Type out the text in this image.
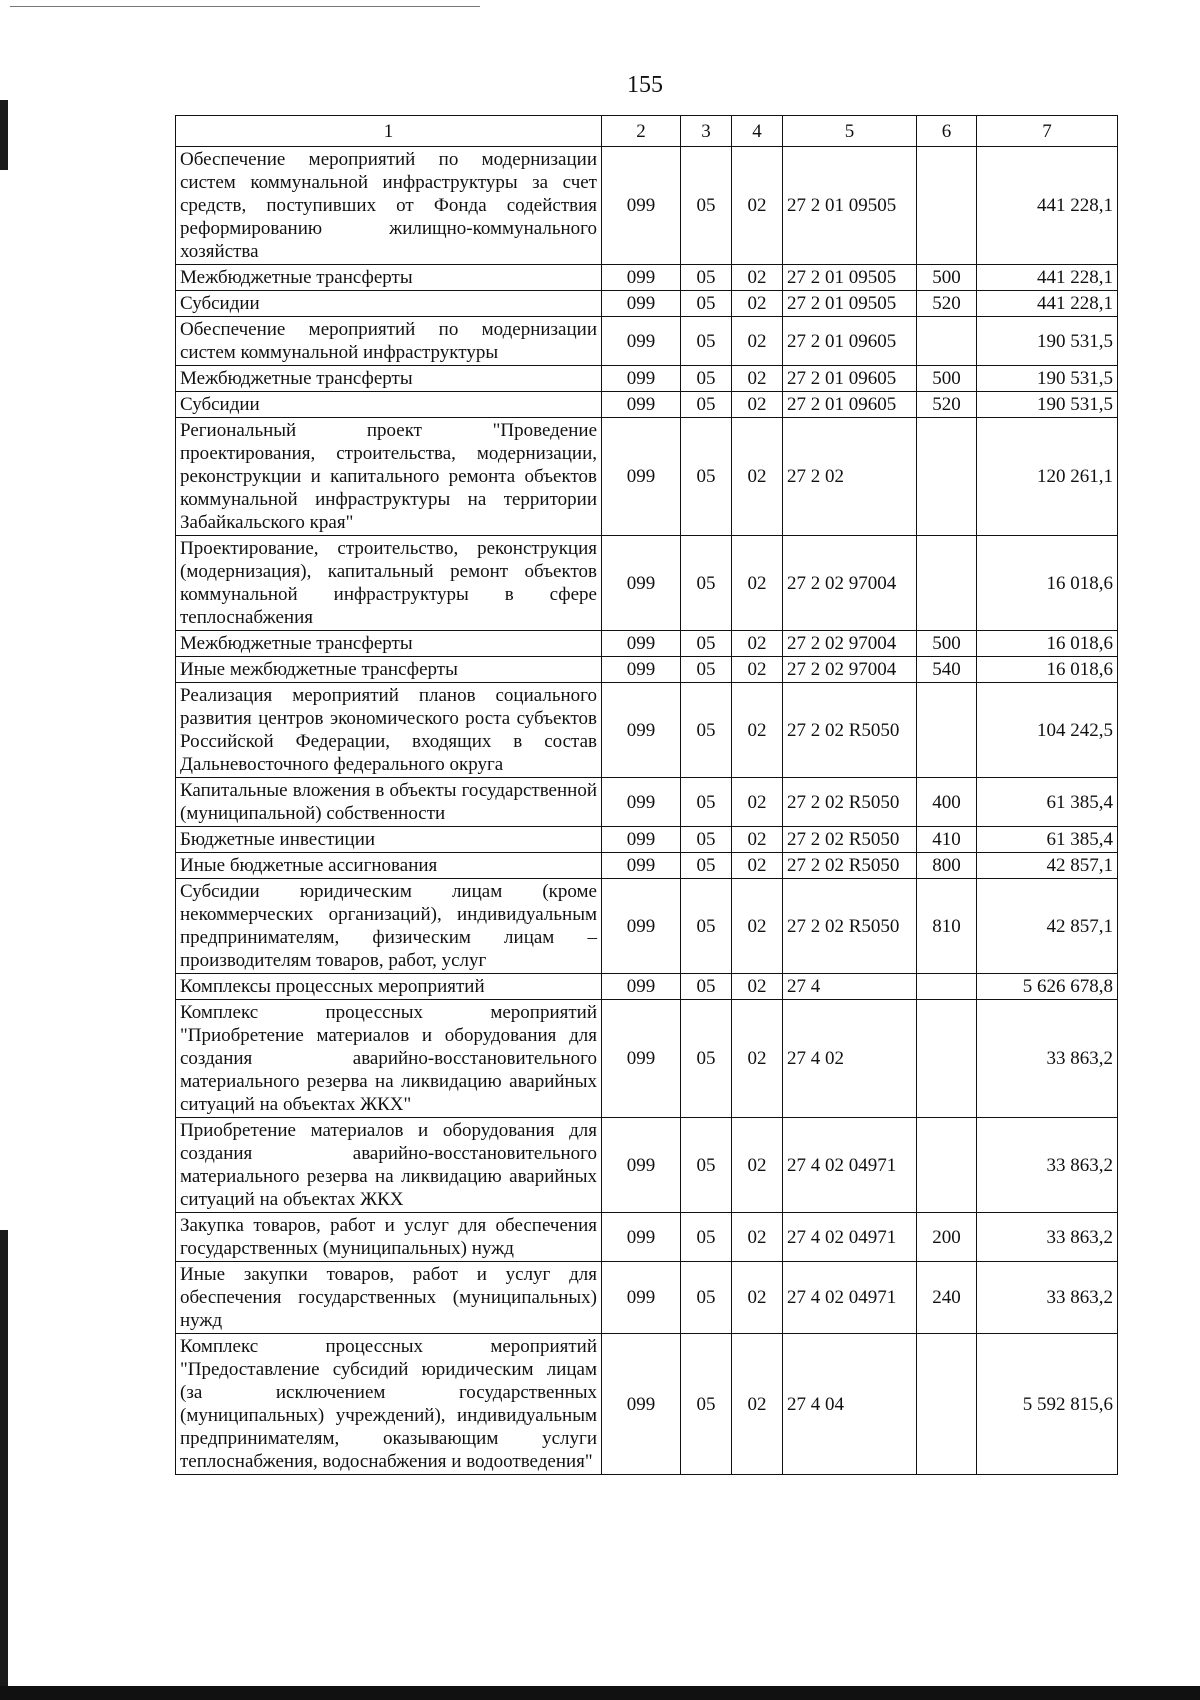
155
1	2	3	4	5	6	7
Обеспечение мероприятий по модернизации систем коммунальной инфраструктуры за счет средств, поступивших от Фонда содействия реформированию жилищно-коммунального хозяйства	099	05	02	27 2 01 09505		441 228,1
Межбюджетные трансферты	099	05	02	27 2 01 09505	500	441 228,1
Субсидии	099	05	02	27 2 01 09505	520	441 228,1
Обеспечение мероприятий по модернизации систем коммунальной инфраструктуры	099	05	02	27 2 01 09605		190 531,5
Межбюджетные трансферты	099	05	02	27 2 01 09605	500	190 531,5
Субсидии	099	05	02	27 2 01 09605	520	190 531,5
Региональный проект "Проведение проектирования, строительства, модернизации, реконструкции и капитального ремонта объектов коммунальной инфраструктуры на территории Забайкальского края"	099	05	02	27 2 02		120 261,1
Проектирование, строительство, реконструкция (модернизация), капитальный ремонт объектов коммунальной инфраструктуры в сфере теплоснабжения	099	05	02	27 2 02 97004		16 018,6
Межбюджетные трансферты	099	05	02	27 2 02 97004	500	16 018,6
Иные межбюджетные трансферты	099	05	02	27 2 02 97004	540	16 018,6
Реализация мероприятий планов социального развития центров экономического роста субъектов Российской Федерации, входящих в состав Дальневосточного федерального округа	099	05	02	27 2 02 R5050		104 242,5
Капитальные вложения в объекты государственной (муниципальной) собственности	099	05	02	27 2 02 R5050	400	61 385,4
Бюджетные инвестиции	099	05	02	27 2 02 R5050	410	61 385,4
Иные бюджетные ассигнования	099	05	02	27 2 02 R5050	800	42 857,1
Субсидии юридическим лицам (кроме некоммерческих организаций), индивидуальным предпринимателям, физическим лицам – производителям товаров, работ, услуг	099	05	02	27 2 02 R5050	810	42 857,1
Комплексы процессных мероприятий	099	05	02	27 4		5 626 678,8
Комплекс процессных мероприятий "Приобретение материалов и оборудования для создания аварийно-восстановительного материального резерва на ликвидацию аварийных ситуаций на объектах ЖКХ"	099	05	02	27 4 02		33 863,2
Приобретение материалов и оборудования для создания аварийно-восстановительного материального резерва на ликвидацию аварийных ситуаций на объектах ЖКХ	099	05	02	27 4 02 04971		33 863,2
Закупка товаров, работ и услуг для обеспечения государственных (муниципальных) нужд	099	05	02	27 4 02 04971	200	33 863,2
Иные закупки товаров, работ и услуг для обеспечения государственных (муниципальных) нужд	099	05	02	27 4 02 04971	240	33 863,2
Комплекс процессных мероприятий "Предоставление субсидий юридическим лицам (за исключением государственных (муниципальных) учреждений), индивидуальным предпринимателям, оказывающим услуги теплоснабжения, водоснабжения и водоотведения"	099	05	02	27 4 04		5 592 815,6
